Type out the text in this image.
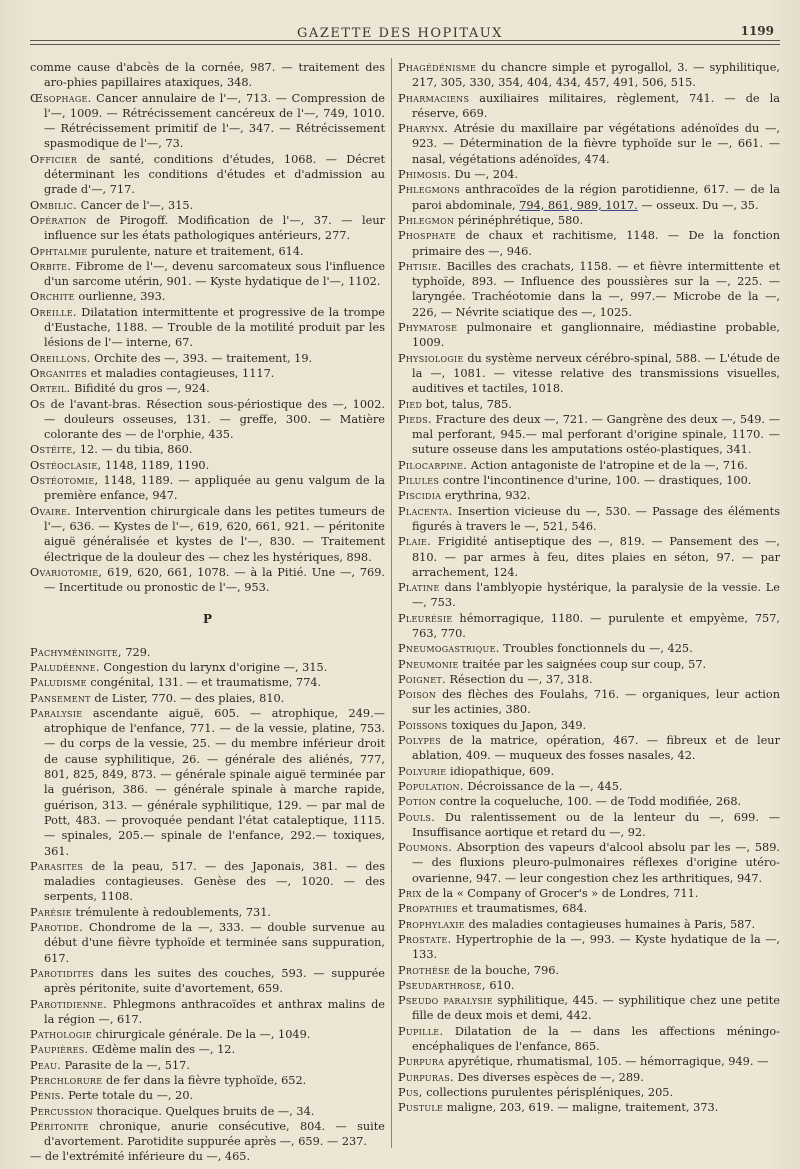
GAZETTE DES HOPITAUX	1199

comme cause d'abcès de la cornée, 987. — traitement des aro-phies papillaires ataxiques, 348.

Œsophage. Cancer annulaire de l'—, 713. — Compression de l'—, 1009. — Rétrécissement cancéreux de l'—, 749, 1010. — Rétrécissement primitif de l'—, 347. — Rétrécissement spasmodique de l'—, 73.

Officier de santé, conditions d'études, 1068. — Décret déterminant les conditions d'études et d'admission au grade d'—, 717.

Ombilic. Cancer de l'—, 315.

Opération de Pirogoff. Modification de l'—, 37. — leur influence sur les états pathologiques antérieurs, 277.

Ophtalmie purulente, nature et traitement, 614.

Orbite. Fibrome de l'—, devenu sarcomateux sous l'influence d'un sarcome utérin, 901. — Kyste hydatique de l'—, 1102.

Orchite ourlienne, 393.

Oreille. Dilatation intermittente et progressive de la trompe d'Eustache, 1188. — Trouble de la motilité produit par les lésions de l'— interne, 67.

Oreillons. Orchite des —, 393. — traitement, 19.

Organites et maladies contagieuses, 1117.

Orteil. Bifidité du gros —, 924.

Os de l'avant-bras. Résection sous-périostique des —, 1002. — douleurs osseuses, 131. — greffe, 300. — Matière colorante des — de l'orphie, 435.

Ostéite, 12. — du tibia, 860.

Ostéoclasie, 1148, 1189, 1190.

Ostéotomie, 1148, 1189. — appliquée au genu valgum de la première enfance, 947.

Ovaire. Intervention chirurgicale dans les petites tumeurs de l'—, 636. — Kystes de l'—, 619, 620, 661, 921. — péritonite aiguë généralisée et kystes de l'—, 830. — Traitement électrique de la douleur des — chez les hystériques, 898.

Ovariotomie, 619, 620, 661, 1078. — à la Pitié. Une —, 769. — Incertitude ou pronostic de l'—, 953.

P

Pachyméningite, 729.

Paludéenne. Congestion du larynx d'origine —, 315.

Paludisme congénital, 131. — et traumatisme, 774.

Pansement de Lister, 770. — des plaies, 810.

Paralysie ascendante aiguë, 605. — atrophique, 249.— atrophique de l'enfance, 771. — de la vessie, platine, 753. — du corps de la vessie, 25. — du membre inférieur droit de cause syphilitique, 26. — générale des aliénés, 777, 801, 825, 849, 873. — générale spinale aiguë terminée par la guérison, 386. — générale spinale à marche rapide, guérison, 313. — générale syphilitique, 129. — par mal de Pott, 483. — provoquée pendant l'état cataleptique, 1115.— spinales, 205.— spinale de l'enfance, 292.— toxiques, 361.

Parasites de la peau, 517. — des Japonais, 381. — des maladies contagieuses. Genèse des —, 1020. — des serpents, 1108.

Parésie trémulente à redoublements, 731.

Parotide. Chondrome de la —, 333. — double survenue au début d'une fièvre typhoïde et terminée sans suppuration, 617.

Parotidites dans les suites des couches, 593. — suppurée après péritonite, suite d'avortement, 659.

Parotidienne. Phlegmons anthracoïdes et anthrax malins de la région —, 617.

Pathologie chirurgicale générale. De la —, 1049.

Paupières. Œdème malin des —, 12.

Peau. Parasite de la —, 517.

Perchlorure de fer dans la fièvre typhoïde, 652.

Pénis. Perte totale du —, 20.

Percussion thoracique. Quelques bruits de —, 34.

Péritonite chronique, anurie consécutive, 804. — suite d'avortement. Parotidite suppurée après —, 659. — 237.

— de l'extrémité inférieure du —, 465.

Phagédénisme du chancre simple et pyrogallol, 3. — syphilitique, 217, 305, 330, 354, 404, 434, 457, 491, 506, 515.

Pharmaciens auxiliaires militaires, règlement, 741. — de la réserve, 669.

Pharynx. Atrésie du maxillaire par végétations adénoïdes du —, 923. — Détermination de la fièvre typhoïde sur le —, 661. — nasal, végétations adénoïdes, 474.

Phimosis. Du —, 204.

Phlegmons anthracoïdes de la région parotidienne, 617. — de la paroi abdominale, 794, 861, 989, 1017. — osseux. Du —, 35.

Phlegmon périnéphrétique, 580.

Phosphate de chaux et rachitisme, 1148. — De la fonction primaire des —, 946.

Phtisie. Bacilles des crachats, 1158. — et fièvre intermittente et typhoïde, 893. — Influence des poussières sur la —, 225. — laryngée. Trachéotomie dans la —, 997.— Microbe de la —, 226, — Névrite sciatique des —, 1025.

Phymatose pulmonaire et ganglionnaire, médiastine probable, 1009.

Physiologie du système nerveux cérébro-spinal, 588. — L'étude de la —, 1081. — vitesse relative des transmissions visuelles, auditives et tactiles, 1018.

Pied bot, talus, 785.

Pieds. Fracture des deux —, 721. — Gangrène des deux —, 549. — mal perforant, 945.— mal perforant d'origine spinale, 1170. — suture osseuse dans les amputations ostéo-plastiques, 341.

Pilocarpine. Action antagoniste de l'atropine et de la —, 716.

Pilules contre l'incontinence d'urine, 100. — drastiques, 100.

Piscidia erythrina, 932.

Placenta. Insertion vicieuse du —, 530. — Passage des éléments figurés à travers le —, 521, 546.

Plaie. Frigidité antiseptique des —, 819. — Pansement des —, 810. — par armes à feu, dites plaies en séton, 97. — par arrachement, 124.

Platine dans l'amblyopie hystérique, la paralysie de la vessie. Le —, 753.

Pleurésie hémorragique, 1180. — purulente et empyème, 757, 763, 770.

Pneumogastrique. Troubles fonctionnels du —, 425.

Pneumonie traitée par les saignées coup sur coup, 57.

Poignet. Résection du —, 37, 318.

Poison des flèches des Foulahs, 716. — organiques, leur action sur les actinies, 380.

Poissons toxiques du Japon, 349.

Polypes de la matrice, opération, 467. — fibreux et de leur ablation, 409. — muqueux des fosses nasales, 42.

Polyurie idiopathique, 609.

Population. Décroissance de la —, 445.

Potion contre la coqueluche, 100. — de Todd modifiée, 268.

Pouls. Du ralentissement ou de la lenteur du —, 699. — Insuffisance aortique et retard du —, 92.

Poumons. Absorption des vapeurs d'alcool absolu par les —, 589. — des fluxions pleuro-pulmonaires réflexes d'origine utéro-ovarienne, 947. — leur congestion chez les arthritiques, 947.

Prix de la « Company of Grocer's » de Londres, 711.

Propathies et traumatismes, 684.

Prophylaxie des maladies contagieuses humaines à Paris, 587.

Prostate. Hypertrophie de la —, 993. — Kyste hydatique de la —, 133.

Prothèse de la bouche, 796.

Pseudarthrose, 610.

Pseudo paralysie syphilitique, 445. — syphilitique chez une petite fille de deux mois et demi, 442.

Pupille. Dilatation de la — dans les affections méningo-encéphaliques de l'enfance, 865.

Purpura apyrétique, rhumatismal, 105. — hémorragique, 949. —

Purpuras. Des diverses espèces de —, 289.

Pus, collections purulentes périspléniques, 205.

Pustule maligne, 203, 619. — maligne, traitement, 373.
